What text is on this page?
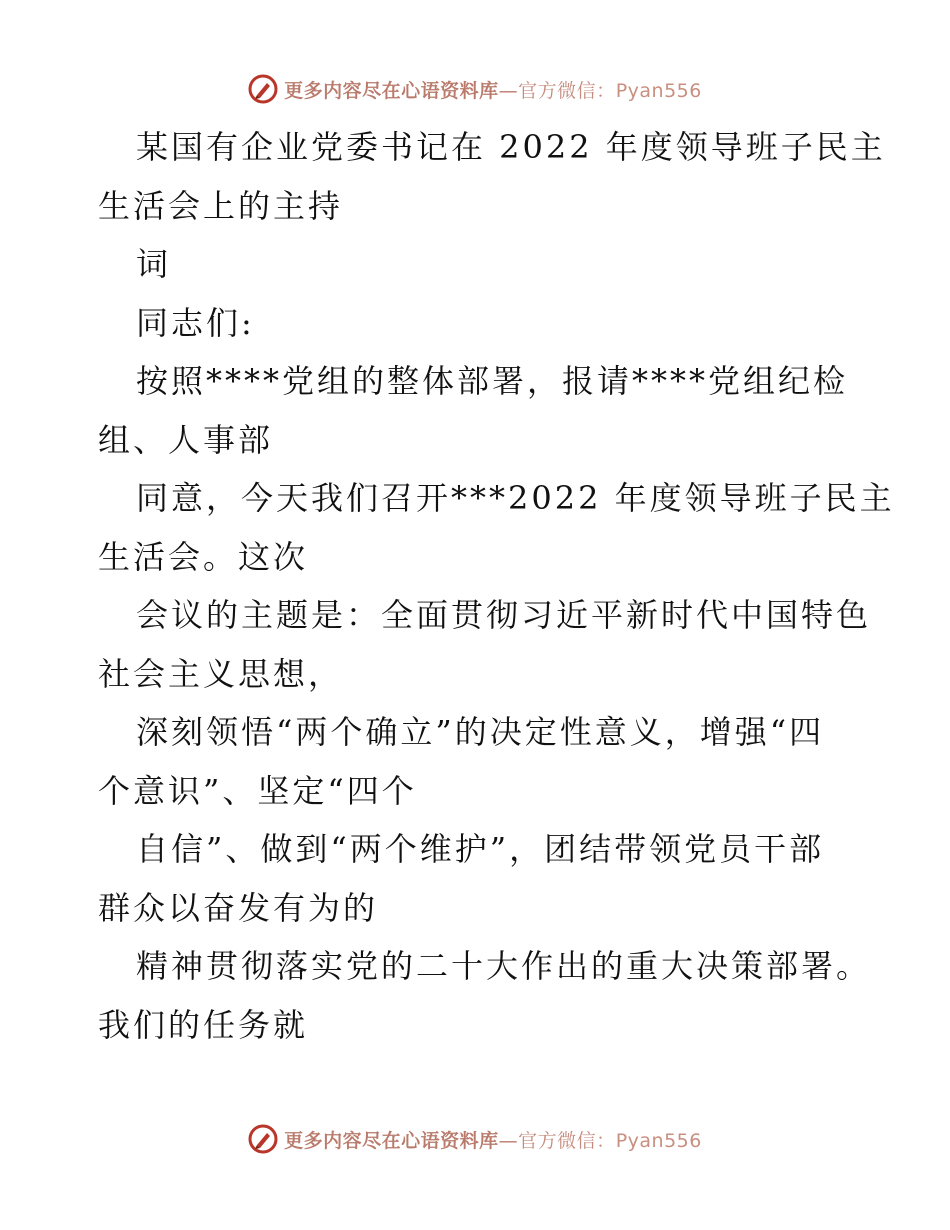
更多内容尽在心语资料库—官方微信：Pyan556
某国有企业党委书记在 2022 年度领导班子民主
生活会上的主持
词
同志们:
按照****党组的整体部署，报请****党组纪检
组、人事部
同意，今天我们召开***2022 年度领导班子民主
生活会。这次
会议的主题是：全面贯彻习近平新时代中国特色
社会主义思想，
深刻领悟“两个确立”的决定性意义，增强“四
个意识”、坚定“四个
自信”、做到“两个维护”，团结带领党员干部
群众以奋发有为的
精神贯彻落实党的二十大作出的重大决策部署。
我们的任务就
更多内容尽在心语资料库—官方微信：Pyan556
